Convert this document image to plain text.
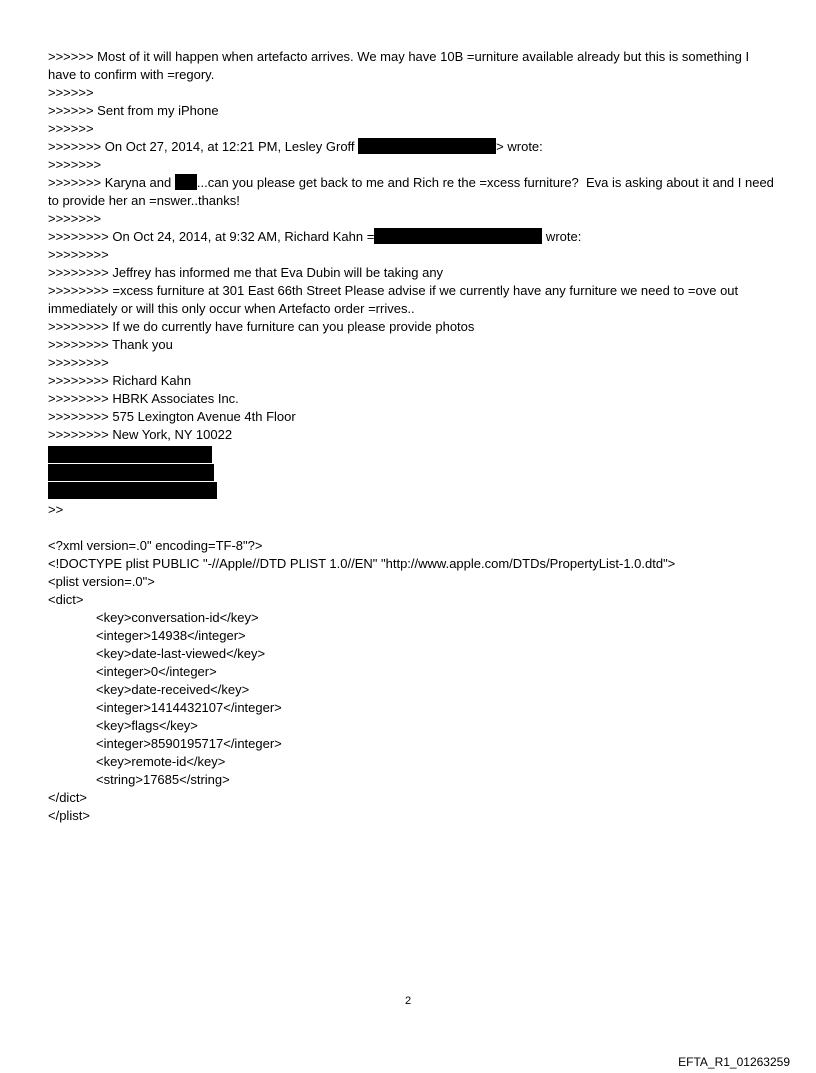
>>>>>> Most of it will happen when artefacto arrives. We may have 10B =urniture available already but this is something I have to confirm with =regory.
>>>>>>
>>>>>> Sent from my iPhone
>>>>>>
>>>>>>> On Oct 27, 2014, at 12:21 PM, Lesley Groff	> wrote:
>>>>>>>
>>>>>>> Karyna and ...can you please get back to me and Rich re the =xcess furniture?  Eva is asking about it and I need to provide her an =nswer..thanks!
>>>>>>>
>>>>>>>> On Oct 24, 2014, at 9:32 AM, Richard Kahn =	wrote:
>>>>>>>>
>>>>>>>> Jeffrey has informed me that Eva Dubin will be taking any
>>>>>>>> =xcess furniture at 301 East 66th Street Please advise if we currently have any furniture we need to =ove out immediately or will this only occur when Artefacto order =rrives..
>>>>>>>> If we do currently have furniture can you please provide photos
>>>>>>>> Thank you
>>>>>>>>
>>>>>>>> Richard Kahn
>>>>>>>> HBRK Associates Inc.
>>>>>>>> 575 Lexington Avenue 4th Floor
>>>>>>>> New York, NY 10022
>>
<?xml version=.0" encoding=TF-8"?>
<!DOCTYPE plist PUBLIC "-//Apple//DTD PLIST 1.0//EN" "http://www.apple.com/DTDs/PropertyList-1.0.dtd">
<plist version=.0">
<dict>
<key>conversation-id</key>
<integer>14938</integer>
<key>date-last-viewed</key>
<integer>0</integer>
<key>date-received</key>
<integer>1414432107</integer>
<key>flags</key>
<integer>8590195717</integer>
<key>remote-id</key>
<string>17685</string>
</dict>
</plist>
2
EFTA_R1_01263259
